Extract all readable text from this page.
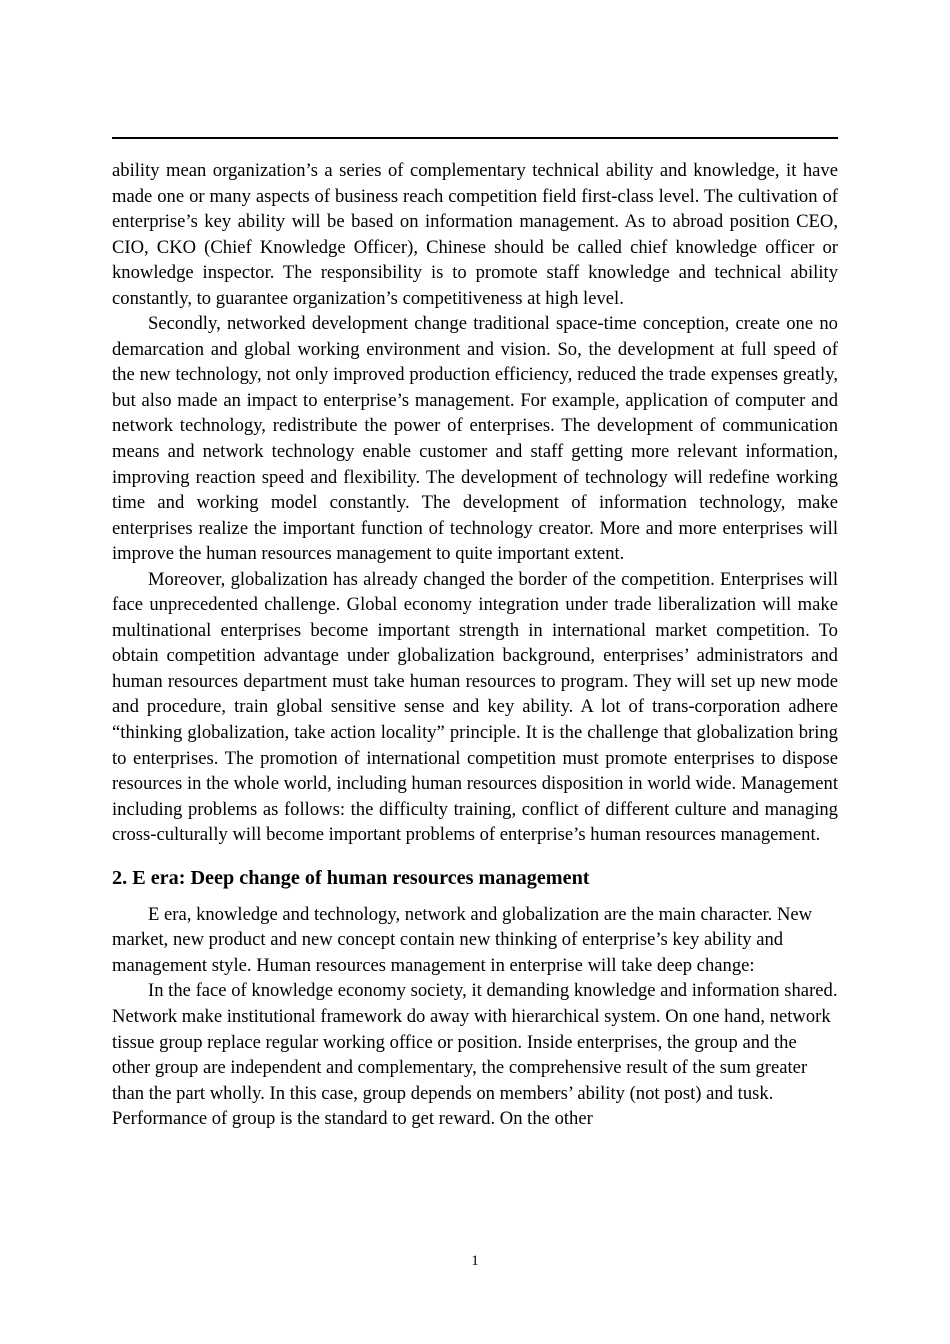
ability mean organization’s a series of complementary technical ability and knowledge, it have made one or many aspects of business reach competition field first-class level. The cultivation of enterprise’s key ability will be based on information management. As to abroad position CEO, CIO, CKO (Chief Knowledge Officer), Chinese should be called chief knowledge officer or knowledge inspector. The responsibility is to promote staff knowledge and technical ability constantly, to guarantee organization’s competitiveness at high level.

Secondly, networked development change traditional space-time conception, create one no demarcation and global working environment and vision. So, the development at full speed of the new technology, not only improved production efficiency, reduced the trade expenses greatly, but also made an impact to enterprise’s management. For example, application of computer and network technology, redistribute the power of enterprises. The development of communication means and network technology enable customer and staff getting more relevant information, improving reaction speed and flexibility. The development of technology will redefine working time and working model constantly. The development of information technology, make enterprises realize the important function of technology creator. More and more enterprises will improve the human resources management to quite important extent.

Moreover, globalization has already changed the border of the competition. Enterprises will face unprecedented challenge. Global economy integration under trade liberalization will make multinational enterprises become important strength in international market competition. To obtain competition advantage under globalization background, enterprises’ administrators and human resources department must take human resources to program. They will set up new mode and procedure, train global sensitive sense and key ability. A lot of trans-corporation adhere “thinking globalization, take action locality” principle. It is the challenge that globalization bring to enterprises. The promotion of international competition must promote enterprises to dispose resources in the whole world, including human resources disposition in world wide. Management including problems as follows: the difficulty training, conflict of different culture and managing cross-culturally will become important problems of enterprise’s human resources management.

2. E era: Deep change of human resources management

E era, knowledge and technology, network and globalization are the main character. New market, new product and new concept contain new thinking of enterprise’s key ability and management style. Human resources management in enterprise will take deep change:

In the face of knowledge economy society, it demanding knowledge and information shared. Network make institutional framework do away with hierarchical system. On one hand, network tissue group replace regular working office or position. Inside enterprises, the group and the other group are independent and complementary, the comprehensive result of the sum greater than the part wholly. In this case, group depends on members’ ability (not post) and tusk. Performance of group is the standard to get reward. On the other

1
